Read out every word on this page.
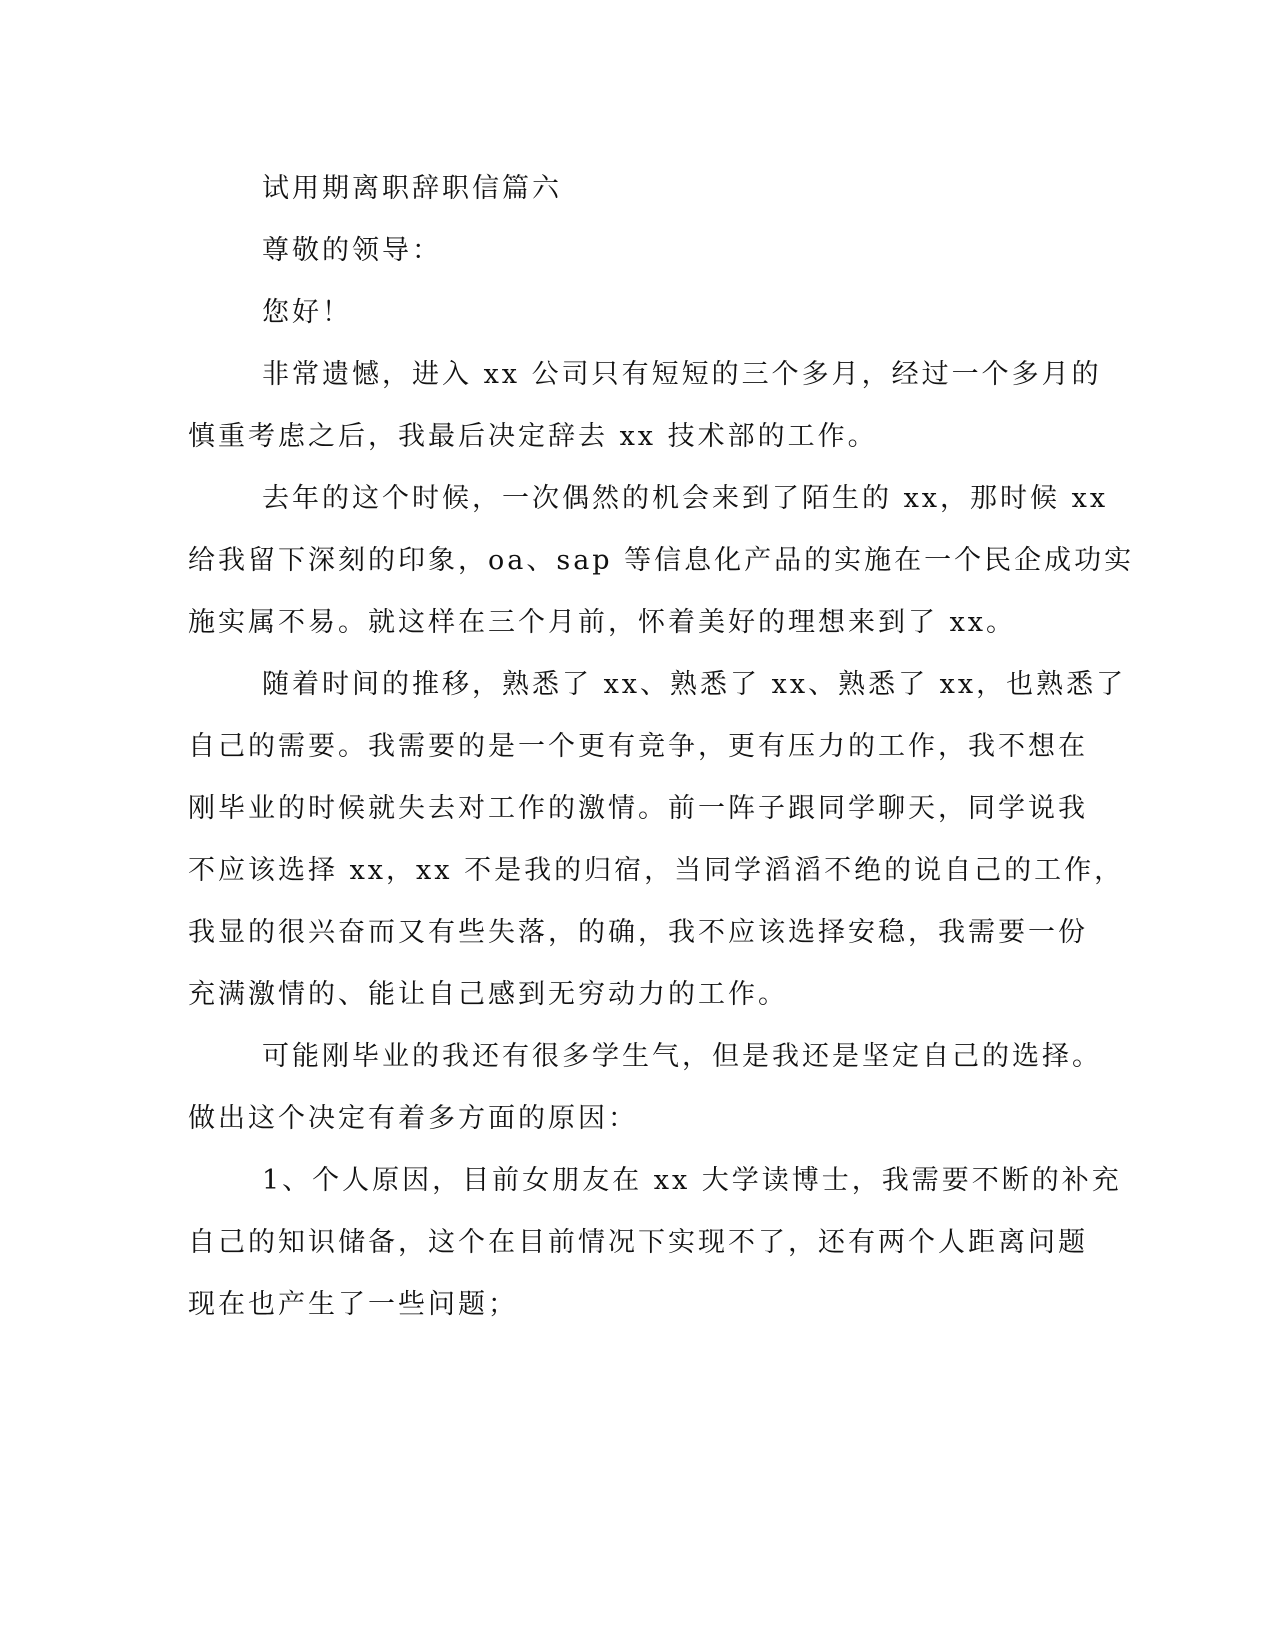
试用期离职辞职信篇六
尊敬的领导：
您好！
非常遗憾，进入 xx 公司只有短短的三个多月，经过一个多月的
慎重考虑之后，我最后决定辞去 xx 技术部的工作。
去年的这个时候，一次偶然的机会来到了陌生的 xx，那时候 xx
给我留下深刻的印象，oa、sap 等信息化产品的实施在一个民企成功实
施实属不易。就这样在三个月前，怀着美好的理想来到了 xx。
随着时间的推移，熟悉了 xx、熟悉了 xx、熟悉了 xx，也熟悉了
自己的需要。我需要的是一个更有竞争，更有压力的工作，我不想在
刚毕业的时候就失去对工作的激情。前一阵子跟同学聊天，同学说我
不应该选择 xx，xx 不是我的归宿，当同学滔滔不绝的说自己的工作，
我显的很兴奋而又有些失落，的确，我不应该选择安稳，我需要一份
充满激情的、能让自己感到无穷动力的工作。
可能刚毕业的我还有很多学生气，但是我还是坚定自己的选择。
做出这个决定有着多方面的原因：
1、个人原因，目前女朋友在 xx 大学读博士，我需要不断的补充
自己的知识储备，这个在目前情况下实现不了，还有两个人距离问题
现在也产生了一些问题；
